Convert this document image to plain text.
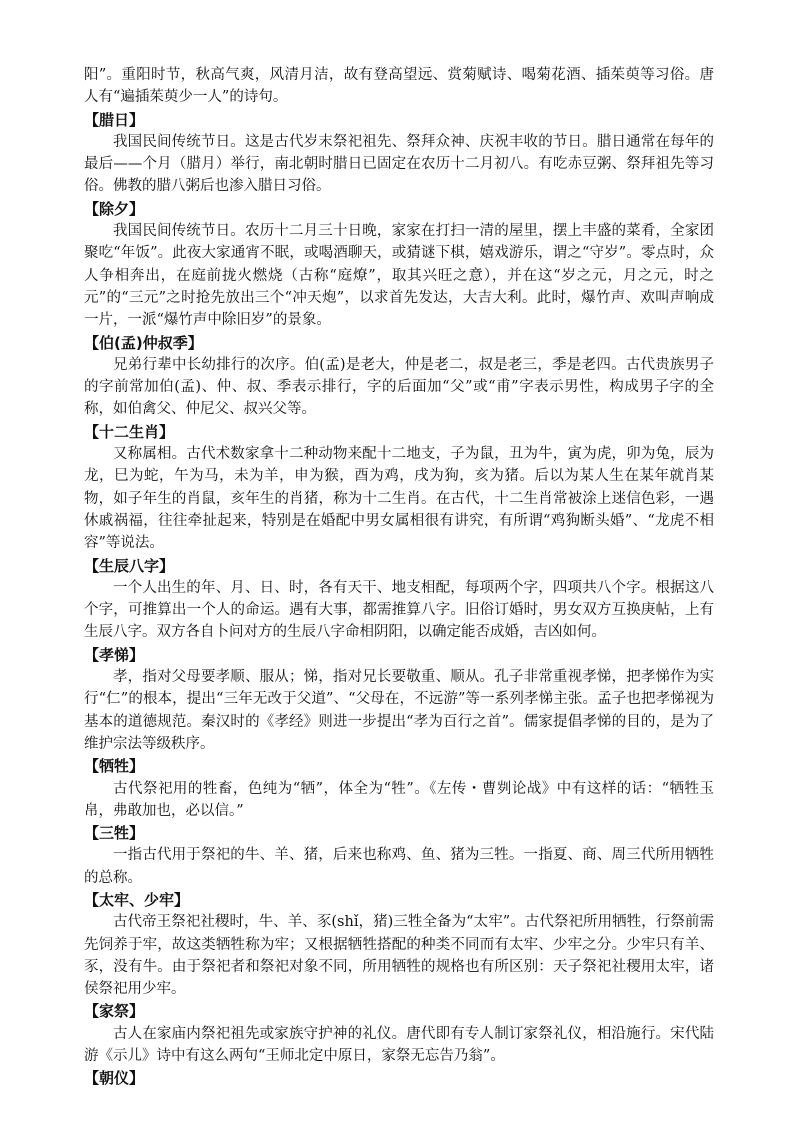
阳”。重阳时节，秋高气爽，风清月洁，故有登高望远、赏菊赋诗、喝菊花酒、插茱萸等习俗。唐人有“遍插茱萸少一人”的诗句。

【腊日】

我国民间传统节日。这是古代岁末祭祀祖先、祭拜众神、庆祝丰收的节日。腊日通常在每年的最后——个月（腊月）举行，南北朝时腊日已固定在农历十二月初八。有吃赤豆粥、祭拜祖先等习俗。佛教的腊八粥后也渗入腊日习俗。

【除夕】

我国民间传统节日。农历十二月三十日晚，家家在打扫一清的屋里，摆上丰盛的菜肴，全家团聚吃“年饭”。此夜大家通宵不眠，或喝酒聊天，或猜谜下棋，嬉戏游乐，谓之“守岁”。零点时，众人争相奔出，在庭前拢火燃烧（古称“庭燎”，取其兴旺之意），并在这“岁之元，月之元，时之元”的“三元”之时抢先放出三个“冲天炮”，以求首先发达，大吉大利。此时，爆竹声、欢叫声响成一片，一派“爆竹声中除旧岁”的景象。

【伯(孟)仲叔季】

兄弟行辈中长幼排行的次序。伯(孟)是老大，仲是老二，叔是老三，季是老四。古代贵族男子的字前常加伯(孟)、仲、叔、季表示排行，字的后面加“父”或“甫”字表示男性，构成男子字的全称，如伯禽父、仲尼父、叔兴父等。

【十二生肖】

又称属相。古代术数家拿十二种动物来配十二地支，子为鼠，丑为牛，寅为虎，卯为兔，辰为龙，巳为蛇，午为马，未为羊，申为猴，酉为鸡，戌为狗，亥为猪。后以为某人生在某年就肖某物，如子年生的肖鼠，亥年生的肖猪，称为十二生肖。在古代，十二生肖常被涂上迷信色彩，一遇休戚祸福，往往牵扯起来，特别是在婚配中男女属相很有讲究，有所谓“鸡狗断头婚”、“龙虎不相容”等说法。

【生辰八字】

一个人出生的年、月、日、时，各有天干、地支相配，每项两个字，四项共八个字。根据这八个字，可推算出一个人的命运。遇有大事，都需推算八字。旧俗订婚时，男女双方互换庚帖，上有生辰八字。双方各自卜问对方的生辰八字命相阴阳，以确定能否成婚，吉凶如何。

【孝悌】

孝，指对父母要孝顺、服从；悌，指对兄长要敬重、顺从。孔子非常重视孝悌，把孝悌作为实行“仁”的根本，提出“三年无改于父道”、“父母在，不远游”等一系列孝悌主张。孟子也把孝悌视为基本的道德规范。秦汉时的《孝经》则进一步提出“孝为百行之首”。儒家提倡孝悌的目的，是为了维护宗法等级秩序。

【牺牲】

古代祭祀用的牲畜，色纯为“牺”，体全为“牲”。《左传・曹刿论战》中有这样的话：“牺牲玉帛，弗敢加也，必以信。”

【三牲】

一指古代用于祭祀的牛、羊、猪，后来也称鸡、鱼、猪为三牲。一指夏、商、周三代所用牺牲的总称。

【太牢、少牢】

古代帝王祭祀社稷时，牛、羊、豕(shǐ，猪)三牲全备为“太牢”。古代祭祀所用牺牲，行祭前需先饲养于牢，故这类牺牲称为牢；又根据牺牲搭配的种类不同而有太牢、少牢之分。少牢只有羊、豕，没有牛。由于祭祀者和祭祀对象不同，所用牺牲的规格也有所区别：天子祭祀社稷用太牢，诸侯祭祀用少牢。

【家祭】

古人在家庙内祭祀祖先或家族守护神的礼仪。唐代即有专人制订家祭礼仪，相沿施行。宋代陆游《示儿》诗中有这么两句“王师北定中原日，家祭无忘告乃翁”。

【朝仪】
